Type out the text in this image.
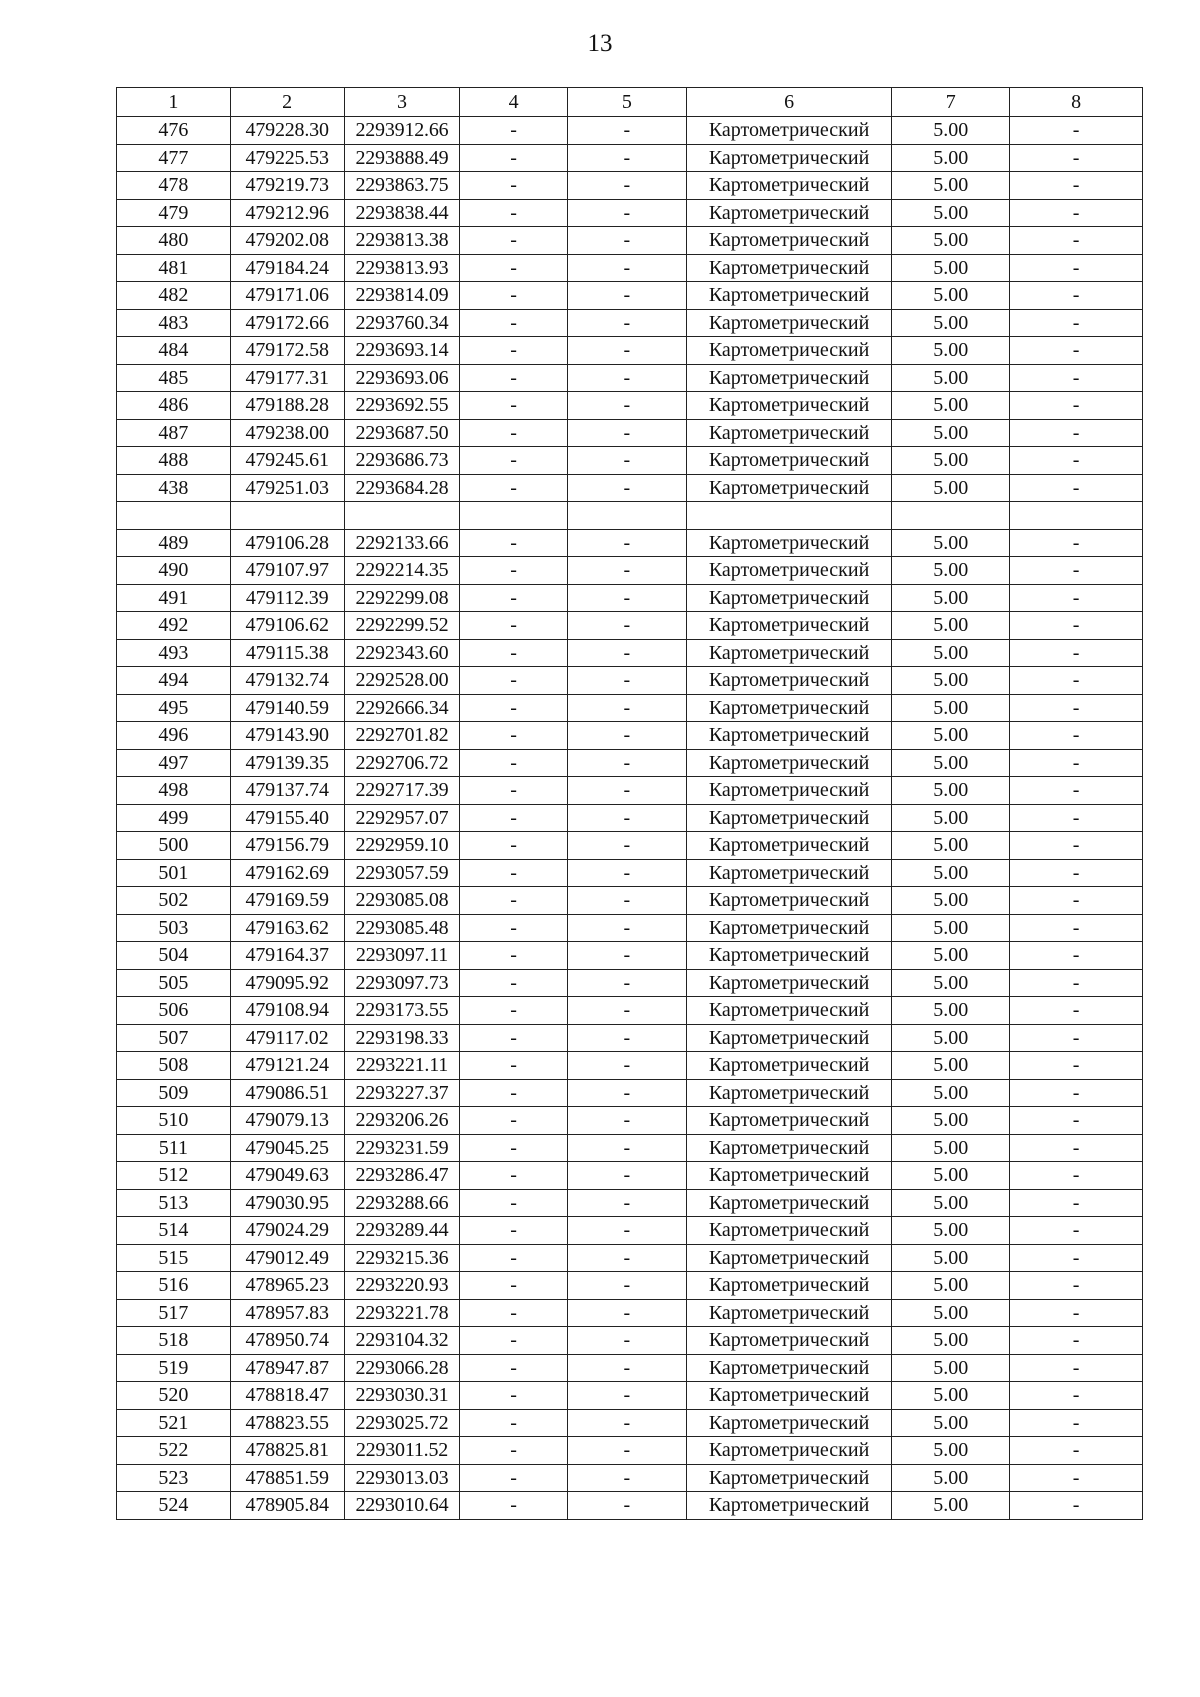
13
1	2	3	4	5	6	7	8
476	479228.30	2293912.66	-	-	Картометрический	5.00	-
477	479225.53	2293888.49	-	-	Картометрический	5.00	-
478	479219.73	2293863.75	-	-	Картометрический	5.00	-
479	479212.96	2293838.44	-	-	Картометрический	5.00	-
480	479202.08	2293813.38	-	-	Картометрический	5.00	-
481	479184.24	2293813.93	-	-	Картометрический	5.00	-
482	479171.06	2293814.09	-	-	Картометрический	5.00	-
483	479172.66	2293760.34	-	-	Картометрический	5.00	-
484	479172.58	2293693.14	-	-	Картометрический	5.00	-
485	479177.31	2293693.06	-	-	Картометрический	5.00	-
486	479188.28	2293692.55	-	-	Картометрический	5.00	-
487	479238.00	2293687.50	-	-	Картометрический	5.00	-
488	479245.61	2293686.73	-	-	Картометрический	5.00	-
438	479251.03	2293684.28	-	-	Картометрический	5.00	-

489	479106.28	2292133.66	-	-	Картометрический	5.00	-
490	479107.97	2292214.35	-	-	Картометрический	5.00	-
491	479112.39	2292299.08	-	-	Картометрический	5.00	-
492	479106.62	2292299.52	-	-	Картометрический	5.00	-
493	479115.38	2292343.60	-	-	Картометрический	5.00	-
494	479132.74	2292528.00	-	-	Картометрический	5.00	-
495	479140.59	2292666.34	-	-	Картометрический	5.00	-
496	479143.90	2292701.82	-	-	Картометрический	5.00	-
497	479139.35	2292706.72	-	-	Картометрический	5.00	-
498	479137.74	2292717.39	-	-	Картометрический	5.00	-
499	479155.40	2292957.07	-	-	Картометрический	5.00	-
500	479156.79	2292959.10	-	-	Картометрический	5.00	-
501	479162.69	2293057.59	-	-	Картометрический	5.00	-
502	479169.59	2293085.08	-	-	Картометрический	5.00	-
503	479163.62	2293085.48	-	-	Картометрический	5.00	-
504	479164.37	2293097.11	-	-	Картометрический	5.00	-
505	479095.92	2293097.73	-	-	Картометрический	5.00	-
506	479108.94	2293173.55	-	-	Картометрический	5.00	-
507	479117.02	2293198.33	-	-	Картометрический	5.00	-
508	479121.24	2293221.11	-	-	Картометрический	5.00	-
509	479086.51	2293227.37	-	-	Картометрический	5.00	-
510	479079.13	2293206.26	-	-	Картометрический	5.00	-
511	479045.25	2293231.59	-	-	Картометрический	5.00	-
512	479049.63	2293286.47	-	-	Картометрический	5.00	-
513	479030.95	2293288.66	-	-	Картометрический	5.00	-
514	479024.29	2293289.44	-	-	Картометрический	5.00	-
515	479012.49	2293215.36	-	-	Картометрический	5.00	-
516	478965.23	2293220.93	-	-	Картометрический	5.00	-
517	478957.83	2293221.78	-	-	Картометрический	5.00	-
518	478950.74	2293104.32	-	-	Картометрический	5.00	-
519	478947.87	2293066.28	-	-	Картометрический	5.00	-
520	478818.47	2293030.31	-	-	Картометрический	5.00	-
521	478823.55	2293025.72	-	-	Картометрический	5.00	-
522	478825.81	2293011.52	-	-	Картометрический	5.00	-
523	478851.59	2293013.03	-	-	Картометрический	5.00	-
524	478905.84	2293010.64	-	-	Картометрический	5.00	-
